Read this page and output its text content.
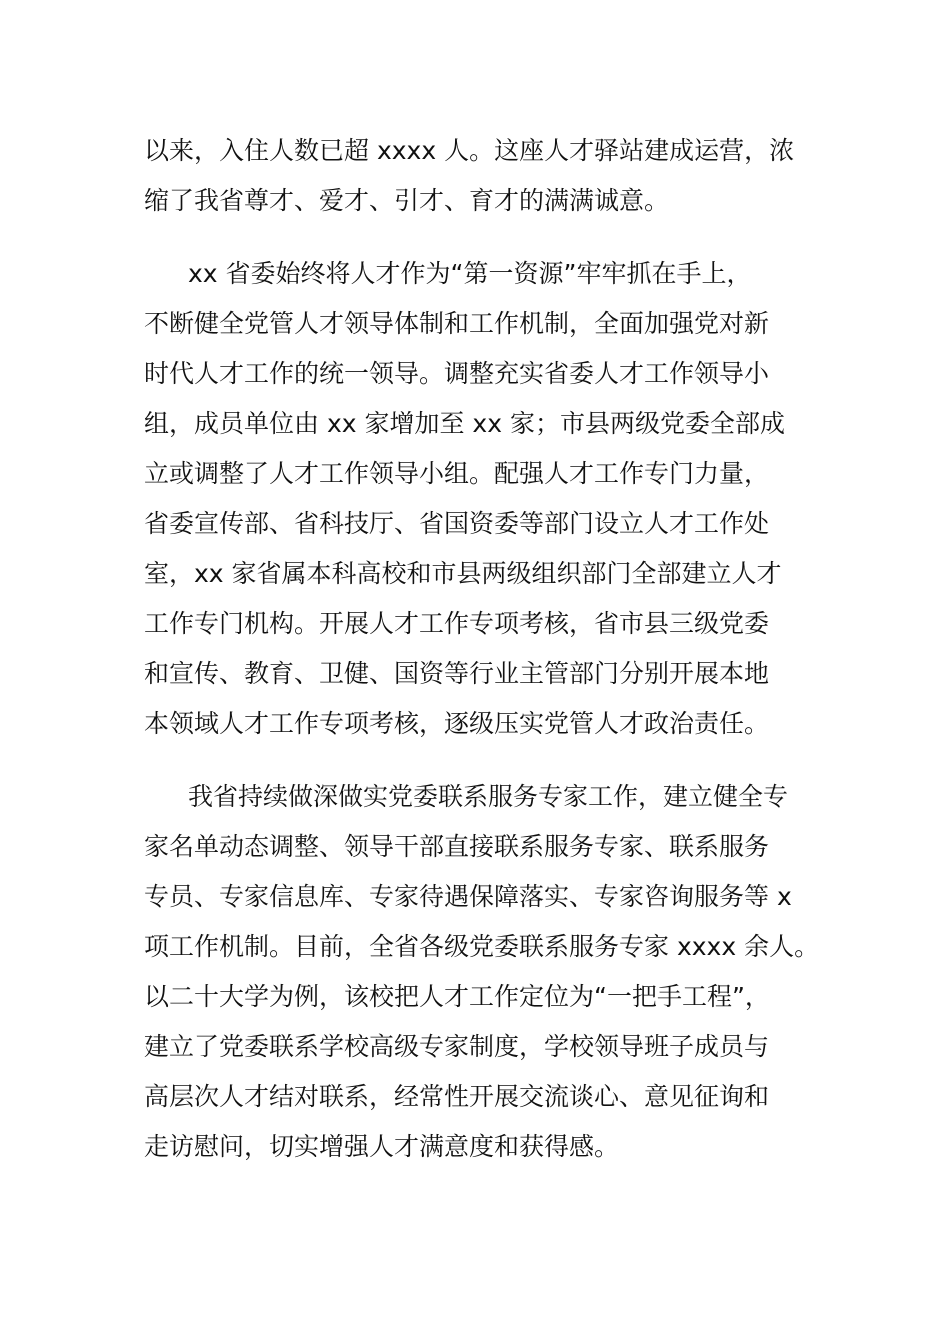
以来，入住人数已超 xxxx 人。这座人才驿站建成运营，浓
缩了我省尊才、爱才、引才、育才的满满诚意。

xx 省委始终将人才作为“第一资源”牢牢抓在手上，
不断健全党管人才领导体制和工作机制，全面加强党对新
时代人才工作的统一领导。调整充实省委人才工作领导小
组，成员单位由 xx 家增加至 xx 家；市县两级党委全部成
立或调整了人才工作领导小组。配强人才工作专门力量，
省委宣传部、省科技厅、省国资委等部门设立人才工作处
室，xx 家省属本科高校和市县两级组织部门全部建立人才
工作专门机构。开展人才工作专项考核，省市县三级党委
和宣传、教育、卫健、国资等行业主管部门分别开展本地
本领域人才工作专项考核，逐级压实党管人才政治责任。

我省持续做深做实党委联系服务专家工作，建立健全专
家名单动态调整、领导干部直接联系服务专家、联系服务
专员、专家信息库、专家待遇保障落实、专家咨询服务等 x
项工作机制。目前，全省各级党委联系服务专家 xxxx 余人。
以二十大学为例，该校把人才工作定位为“一把手工程”，
建立了党委联系学校高级专家制度，学校领导班子成员与
高层次人才结对联系，经常性开展交流谈心、意见征询和
走访慰问，切实增强人才满意度和获得感。
